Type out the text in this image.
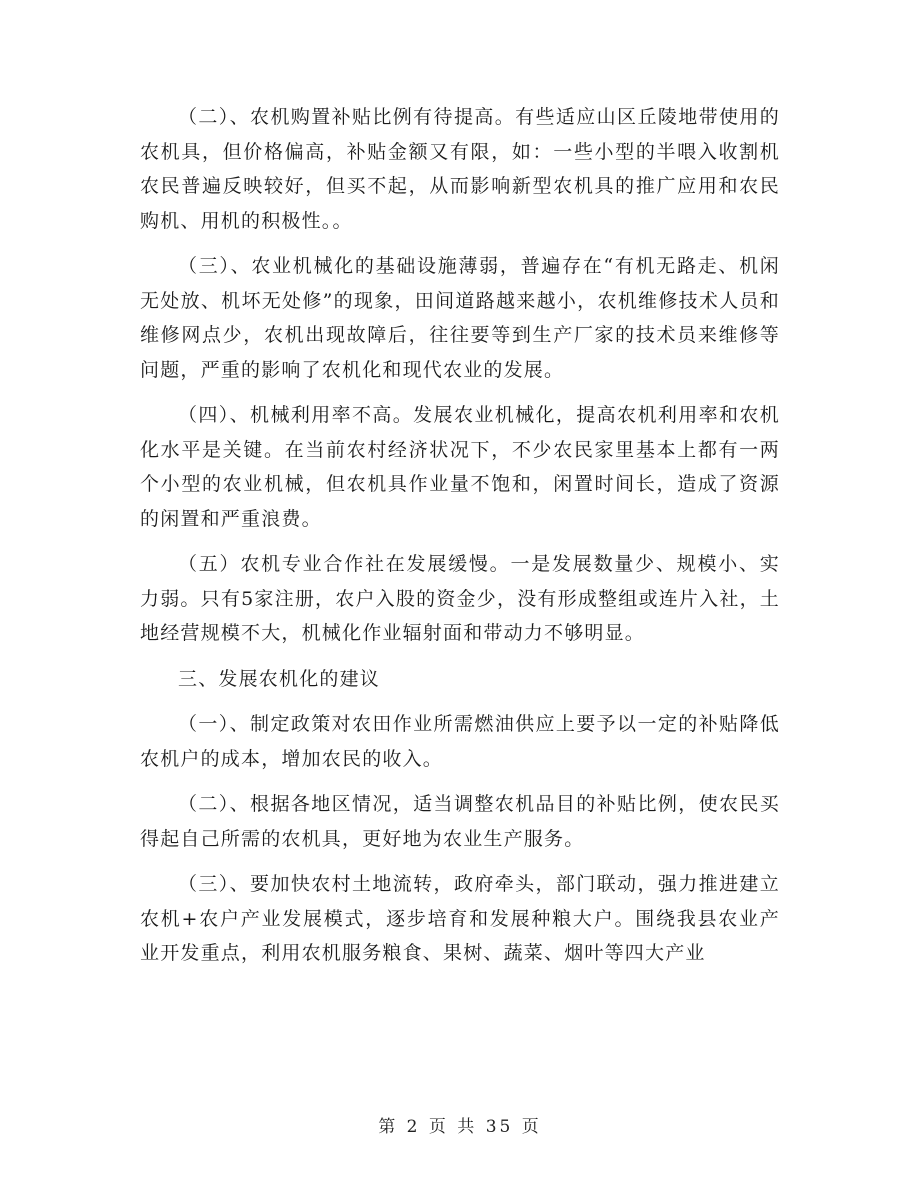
（二）、农机购置补贴比例有待提高。有些适应山区丘陵地带使用的农机具，但价格偏高，补贴金额又有限，如：一些小型的半喂入收割机农民普遍反映较好，但买不起，从而影响新型农机具的推广应用和农民购机、用机的积极性。。

（三）、农业机械化的基础设施薄弱，普遍存在“有机无路走、机闲无处放、机坏无处修”的现象，田间道路越来越小，农机维修技术人员和维修网点少，农机出现故障后，往往要等到生产厂家的技术员来维修等问题，严重的影响了农机化和现代农业的发展。

（四）、机械利用率不高。发展农业机械化，提高农机利用率和农机化水平是关键。在当前农村经济状况下，不少农民家里基本上都有一两个小型的农业机械，但农机具作业量不饱和，闲置时间长，造成了资源的闲置和严重浪费。

（五）农机专业合作社在发展缓慢。一是发展数量少、规模小、实力弱。只有5家注册，农户入股的资金少，没有形成整组或连片入社，土地经营规模不大，机械化作业辐射面和带动力不够明显。

三、发展农机化的建议

（一）、制定政策对农田作业所需燃油供应上要予以一定的补贴降低农机户的成本，增加农民的收入。

（二）、根据各地区情况，适当调整农机品目的补贴比例，使农民买得起自己所需的农机具，更好地为农业生产服务。

（三）、要加快农村土地流转，政府牵头，部门联动，强力推进建立农机+农户产业发展模式，逐步培育和发展种粮大户。围绕我县农业产业开发重点，利用农机服务粮食、果树、蔬菜、烟叶等四大产业

第 2 页 共 35 页
